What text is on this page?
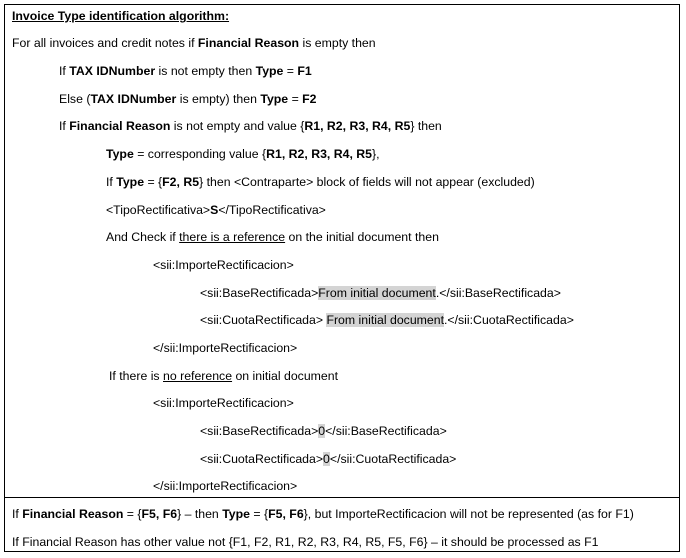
Invoice Type identification algorithm:
For all invoices and credit notes if Financial Reason is empty then
If TAX IDNumber is not empty then Type = F1
Else (TAX IDNumber is empty) then Type = F2
If Financial Reason is not empty and value {R1, R2, R3, R4, R5} then
Type = corresponding value {R1, R2, R3, R4, R5},
If Type = {F2, R5} then <Contraparte> block of fields will not appear (excluded)
<TipoRectificativa>S</TipoRectificativa>
And Check if there is a reference on the initial document then
<sii:ImporteRectificacion>
<sii:BaseRectificada>From initial document.</sii:BaseRectificada>
<sii:CuotaRectificada> From initial document.</sii:CuotaRectificada>
</sii:ImporteRectificacion>
If there is no reference on initial document
<sii:ImporteRectificacion>
<sii:BaseRectificada>0</sii:BaseRectificada>
<sii:CuotaRectificada>0</sii:CuotaRectificada>
</sii:ImporteRectificacion>
If Financial Reason = {F5, F6} – then Type = {F5, F6}, but ImporteRectificacion will not be represented (as for F1)
If Financial Reason has other value not {F1, F2, R1, R2, R3, R4, R5, F5, F6} – it should be processed as F1
